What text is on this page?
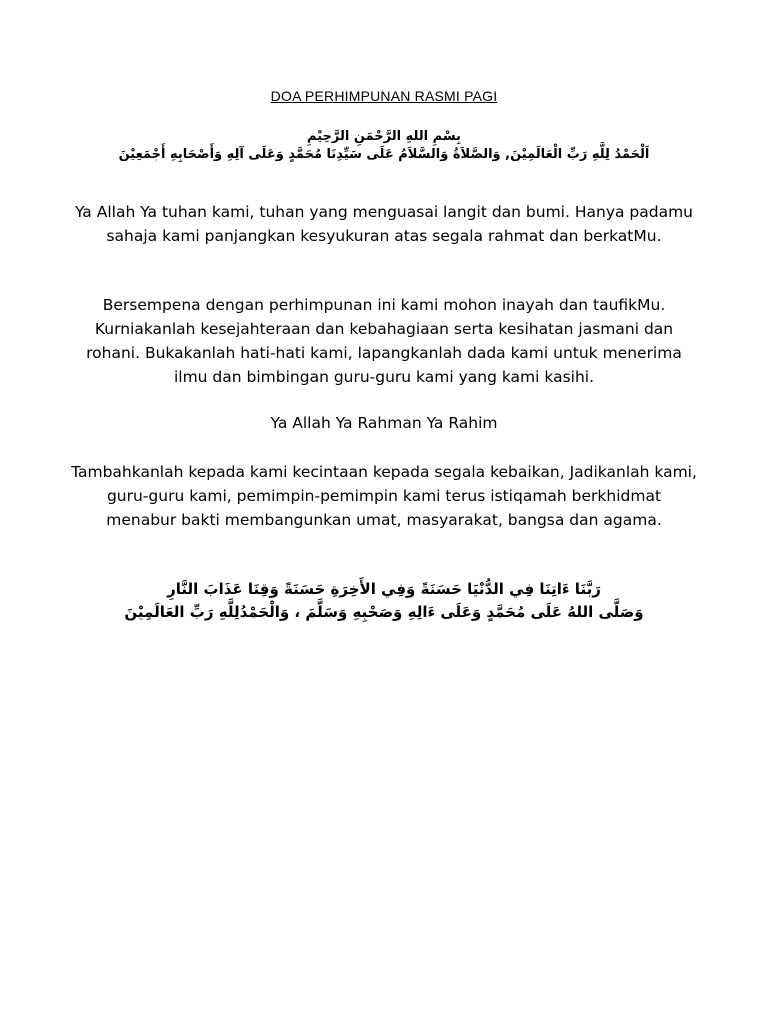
DOA PERHIMPUNAN RASMI PAGI
بِسْمِ اللهِ الرَّحْمَنِ الرَّحِيْمِ
اَلْحَمْدُ لِلَّهِ رَبِّ الْعَالَمِيْنَ, وَالصَّلاَةُ وَالسَّلاَمُ عَلَى سَيِّدِنَا مُحَمَّدٍ وَعَلَى آلِهِ وَأَصْحَابِهِ أَجْمَعِيْنَ
Ya Allah Ya tuhan kami, tuhan yang menguasai langit dan bumi. Hanya padamu sahaja kami panjangkan kesyukuran atas segala rahmat dan berkatMu.
Bersempena dengan perhimpunan ini kami mohon inayah dan taufikMu. Kurniakanlah kesejahteraan dan kebahagiaan serta kesihatan jasmani dan rohani. Bukakanlah hati-hati kami, lapangkanlah dada kami untuk menerima ilmu dan bimbingan guru-guru kami yang kami kasihi.
Ya Allah Ya Rahman Ya Rahim
Tambahkanlah kepada kami kecintaan kepada segala kebaikan, Jadikanlah kami, guru-guru kami, pemimpin-pemimpin kami terus istiqamah berkhidmat menabur bakti membangunkan umat, masyarakat, bangsa dan agama.
رَبَّنَا ءَاتِنَا فِي الدُّنْيَا حَسَنَةً وَفِي الأَخِرَةِ حَسَنَةً وَقِنَا عَذَابَ النَّارِ
وَصَلَّى اللهُ عَلَى مُحَمَّدٍ وَعَلَى ءَالِهِ وَصَحْبِهِ وَسَلَّمَ ، وَالْحَمْدُلِلَّهِ رَبِّ العَالَمِيْنَ
